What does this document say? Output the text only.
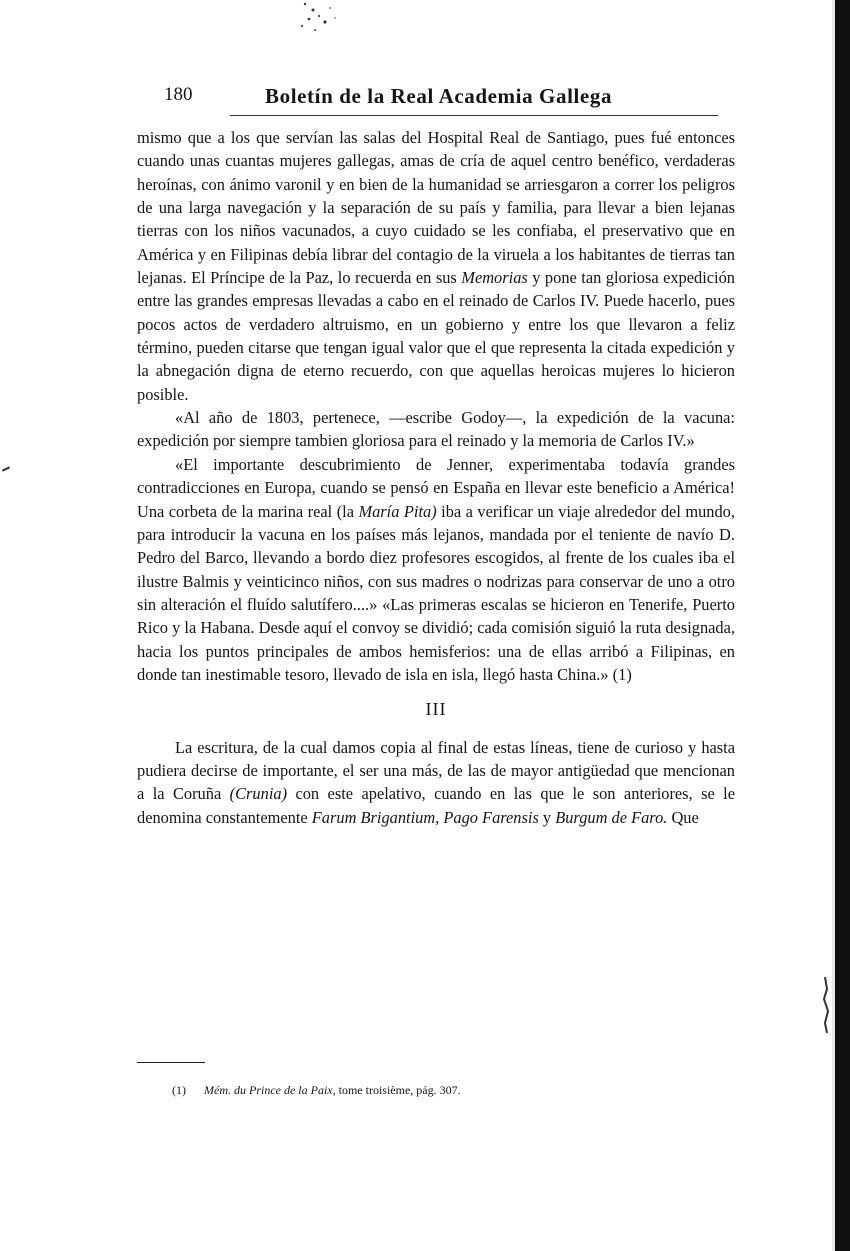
180	Boletín de la Real Academia Gallega

mismo que a los que servían las salas del Hospital Real de Santiago, pues fué entonces cuando unas cuantas mujeres gallegas, amas de cría de aquel centro benéfico, verdaderas heroínas, con ánimo varonil y en bien de la humanidad se arriesgaron a correr los peligros de una larga navegación y la separación de su país y familia, para llevar a bien lejanas tierras con los niños vacunados, a cuyo cuidado se les confiaba, el preservativo que en América y en Filipinas debía librar del contagio de la viruela a los habitantes de tierras tan lejanas. El Príncipe de la Paz, lo recuerda en sus Memorias y pone tan gloriosa expedición entre las grandes empresas llevadas a cabo en el reinado de Carlos IV. Puede hacerlo, pues pocos actos de verdadero altruismo, en un gobierno y entre los que llevaron a feliz término, pueden citarse que tengan igual valor que el que representa la citada expedición y la abnegación digna de eterno recuerdo, con que aquellas heroicas mujeres lo hicieron posible.

«Al año de 1803, pertenece, —escribe Godoy—, la expedición de la vacuna: expedición por siempre tambien gloriosa para el reinado y la memoria de Carlos IV.»

«El importante descubrimiento de Jenner, experimentaba todavía grandes contradicciones en Europa, cuando se pensó en España en llevar este beneficio a América! Una corbeta de la marina real (la María Pita) iba a verificar un viaje alrededor del mundo, para introducir la vacuna en los países más lejanos, mandada por el teniente de navío D. Pedro del Barco, llevando a bordo diez profesores escogidos, al frente de los cuales iba el ilustre Balmis y veinticinco niños, con sus madres o nodrizas para conservar de uno a otro sin alteración el fluído salutífero....» «Las primeras escalas se hicieron en Tenerife, Puerto Rico y la Habana. Desde aquí el convoy se dividió; cada comisión siguió la ruta designada, hacia los puntos principales de ambos hemisferios: una de ellas arribó a Filipinas, en donde tan inestimable tesoro, llevado de isla en isla, llegó hasta China.» (1)

III

La escritura, de la cual damos copia al final de estas líneas, tiene de curioso y hasta pudiera decirse de importante, el ser una más, de las de mayor antigüedad que mencionan a la Coruña (Crunia) con este apelativo, cuando en las que le son anteriores, se le denomina constantemente Farum Brigantium, Pago Farensis y Burgum de Faro. Que

(1) Mém. du Prince de la Paix, tome troisième, pág. 307.
